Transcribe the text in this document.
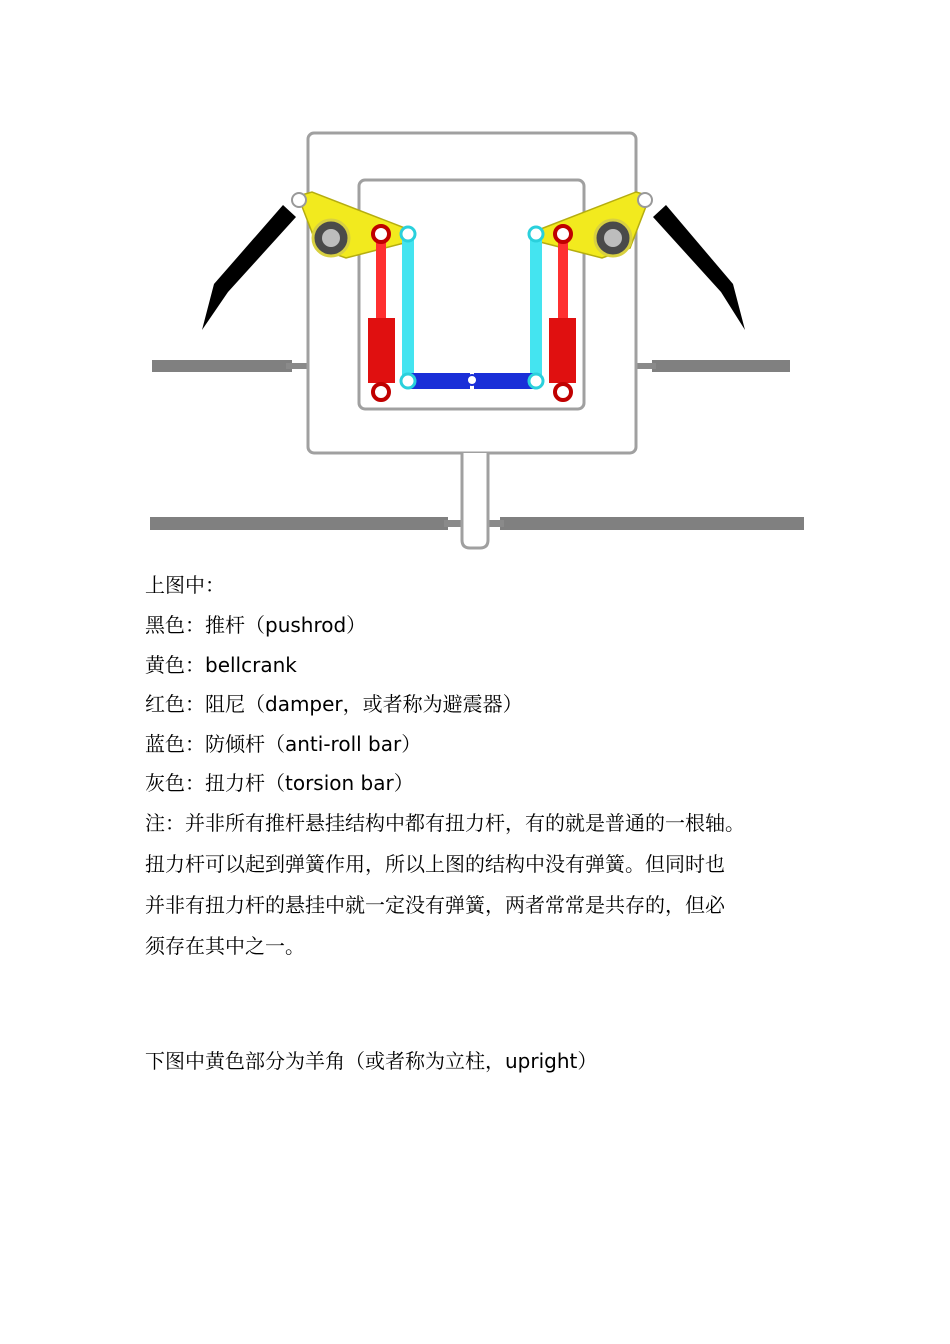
上图中：
黑色：推杆（pushrod）
黄色：bellcrank
红色：阻尼（damper，或者称为避震器）
蓝色：防倾杆（anti-roll bar）
灰色：扭力杆（torsion bar）
注：并非所有推杆悬挂结构中都有扭力杆，有的就是普通的一根轴。
扭力杆可以起到弹簧作用，所以上图的结构中没有弹簧。但同时也
并非有扭力杆的悬挂中就一定没有弹簧，两者常常是共存的，但必
须存在其中之一。
下图中黄色部分为羊角（或者称为立柱，upright）
